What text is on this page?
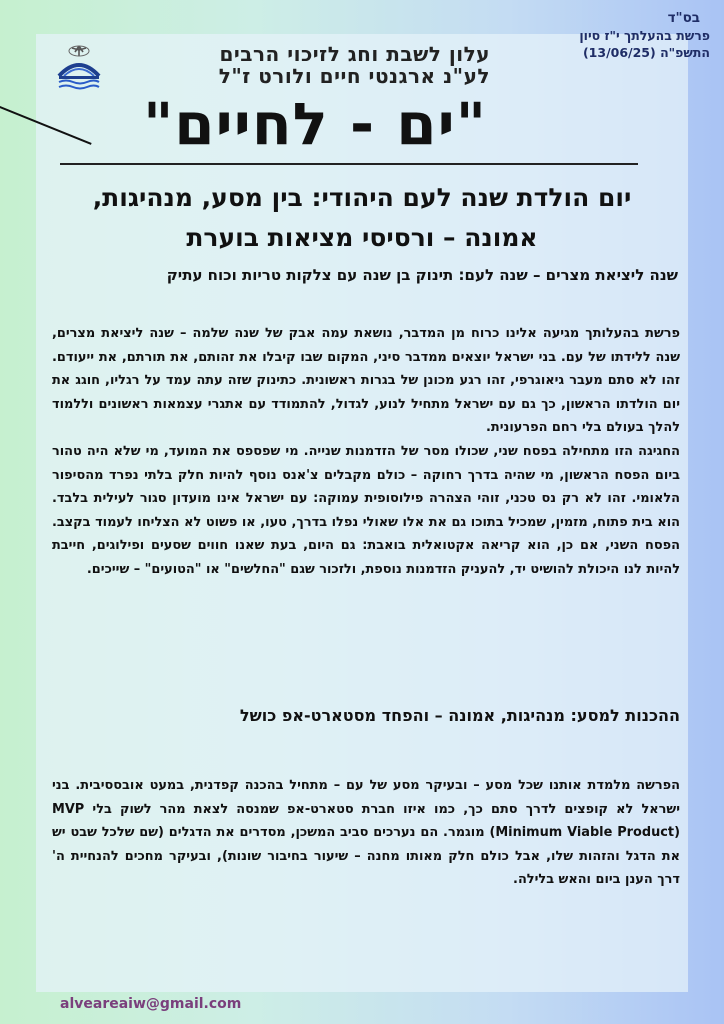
בס"ד
פרשת בהעלתך י"ז סיון
התשפ"ה (13/06/25)
עלון לשבת וחג לזיכוי הרבים
לע"נ ארגנטי חיים ולורט ז"ל
"ים - לחיים"
יום הולדת שנה לעם היהודי: בין מסע, מנהיגות, אמונה – ורסיסי מציאות בוערת
שנה ליציאת מצרים – שנה לעם: תינוק בן שנה עם צלקות טריות וכוח עתיק

פרשת בהעלותך מגיעה אלינו כרוח מן המדבר, נושאת עמה אבק של שנה שלמה – שנה ליציאת מצרים, שנה ללידתו של עם. בני ישראל יוצאים ממדבר סיני, המקום שבו קיבלו את זהותם, את תורתם, את ייעודם. זהו לא סתם מעבר גיאוגרפי, זהו רגע מכונן של בגרות ראשונית. כתינוק שזה עתה עמד על רגליו, חוגג את יום הולדתו הראשון, כך גם עם ישראל מתחיל לנוע, לגדול, להתמודד עם אתגרי עצמאות ראשונים וללמוד להלך בעולם בלי רחם הפרעונית.

החגיגה הזו מתחילה בפסח שני, שכולו מסר של הזדמנות שנייה. מי שפספס את המועד, מי שלא היה טהור ביום הפסח הראשון, מי שהיה בדרך רחוקה – כולם מקבלים צ'אנס נוסף להיות חלק בלתי נפרד מהסיפור הלאומי. זהו לא רק נס טכני, זוהי הצהרה פילוסופית עמוקה: עם ישראל אינו מועדון סגור לעילית בלבד. הוא בית פתוח, מזמין, שמכיל בתוכו גם את אלו שאולי נפלו בדרך, טעו, או פשוט לא הצליחו לעמוד בקצב. הפסח השני, אם כן, הוא קריאה אקטואלית בואבת: גם היום, בעת שאנו חווים שסעים ופילוגים, חייבת להיות לנו היכולת להושיט יד, להעניק הזדמנות נוספת, ולזכור שגם "החלשים" או "הטועים" – שייכים.

ההכנות למסע: מנהיגות, אמונה – והפחד מסטארט-אפ כושל

הפרשה מלמדת אותנו שכל מסע – ובעיקר מסע של עם – מתחיל בהכנה קפדנית, במעט אובססיבית. בני ישראל לא קופצים לדרך סתם כך, כמו איזו חברת סטארט-אפ שמנסה לצאת מהר לשוק בלי MVP (Minimum Viable Product) מוגמר. הם נערכים סביב המשכן, מסדרים את הדגלים (שם שלכל שבט יש את הדגל והזהות שלו, אבל כולם חלק מאותו מחנה – שיעור בחיבור שונות), ובעיקר מחכים להנחיית ה' דרך הענן ביום והאש בלילה.

alveareaiw@gmail.com
